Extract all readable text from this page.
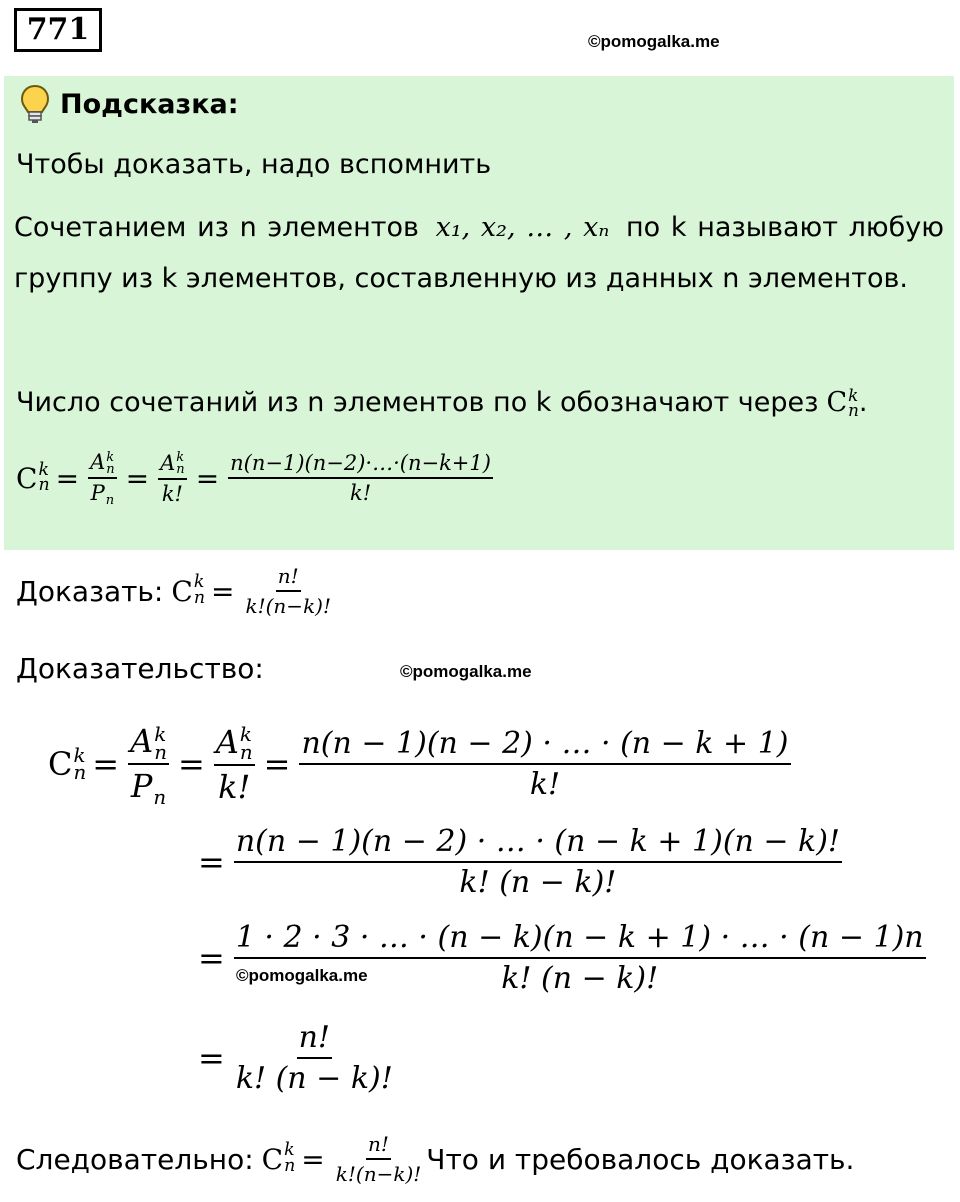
771	©pomogalka.me
Подсказка:
Чтобы доказать, надо вспомнить
Сочетанием из n элементов x₁, x₂, … , xₙ по k называют любую группу из k элементов, составленную из данных n элементов.
Число сочетаний из n элементов по k обозначают через C k
n .
C k
n = A k
n
P
n = A k
n
k! = $\frac{n(n-1)(n-2)\cdot\dots\cdot(n-k+1)}{k!}$
Доказать: C k
$n = \frac{n!}{k!(n-k)!}$
Доказательство:	©pomogalka.me
C k
n = A k
n
P
n = A k
n
k! = $\frac{n(n - 1)(n - 2) \cdot \dots \cdot (n - k + 1)}{k!}$
= $\frac{n(n - 1)(n - 2) \cdot \dots \cdot (n - k + 1)(n - k)!}{k! (n - k)!}$
= $\frac{1 \cdot 2 \cdot 3 \cdot \dots \cdot (n - k)(n - k + 1) \cdot \dots \cdot (n - 1)n}{k! (n - k)!}$
©pomogalka.me
= $\frac{n!}{k! (n - k)!}$
Следовательно: C k
$n = \frac{n!}{k!(n-k)!}$ Что и требовалось доказать.
